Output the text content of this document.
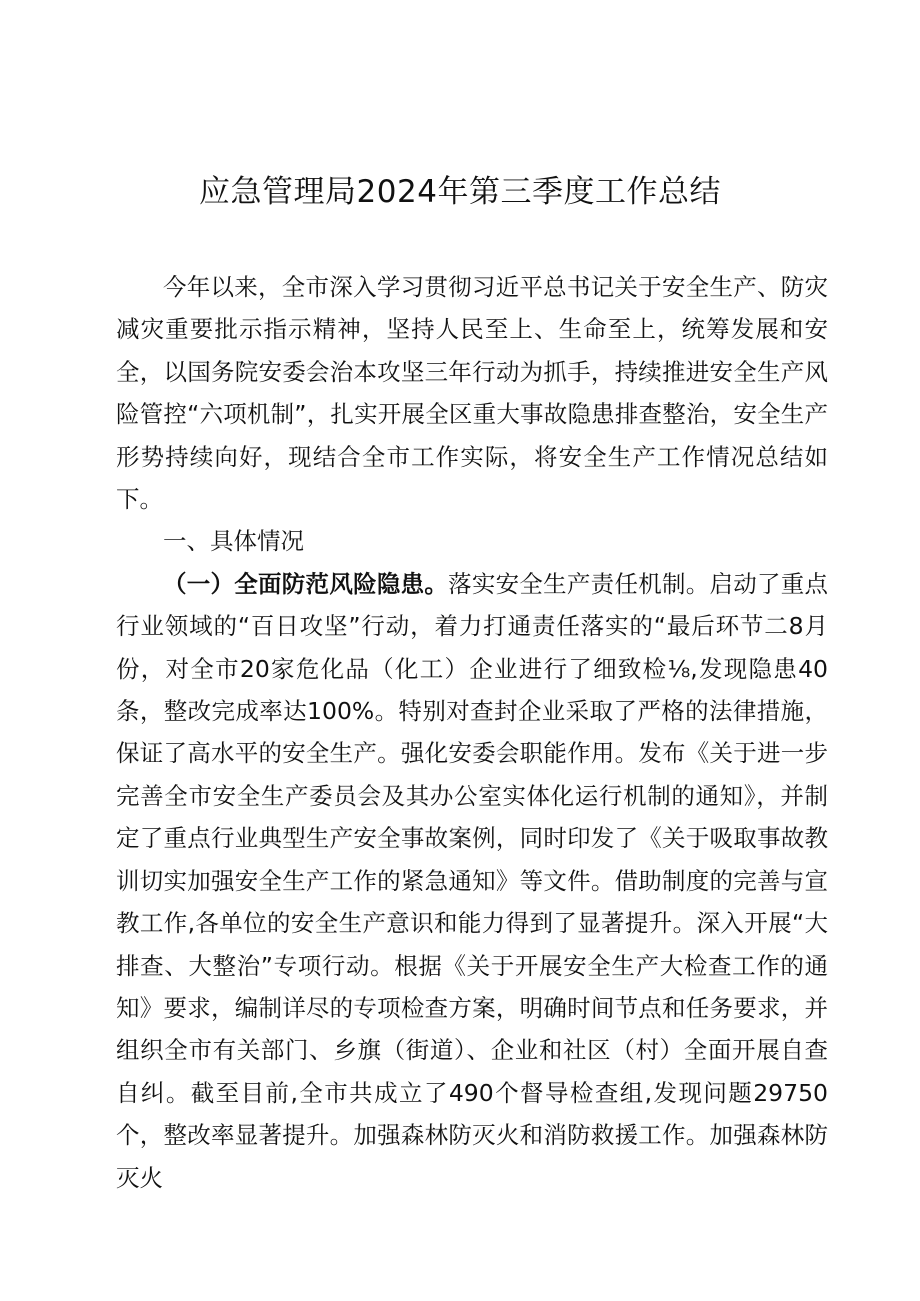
应急管理局2024年第三季度工作总结

今年以来，全市深入学习贯彻习近平总书记关于安全生产、防灾减灾重要批示指示精神，坚持人民至上、生命至上，统筹发展和安全，以国务院安委会治本攻坚三年行动为抓手，持续推进安全生产风险管控“六项机制”，扎实开展全区重大事故隐患排查整治，安全生产形势持续向好，现结合全市工作实际，将安全生产工作情况总结如下。

一、具体情况

（一）全面防范风险隐患。落实安全生产责任机制。启动了重点行业领域的“百日攻坚”行动，着力打通责任落实的“最后环节二8月份，对全市20家危化品（化工）企业进行了细致检⅛,发现隐患40条，整改完成率达100%。特别对查封企业采取了严格的法律措施，保证了高水平的安全生产。强化安委会职能作用。发布《关于进一步完善全市安全生产委员会及其办公室实体化运行机制的通知》，并制定了重点行业典型生产安全事故案例，同时印发了《关于吸取事故教训切实加强安全生产工作的紧急通知》等文件。借助制度的完善与宣教工作,各单位的安全生产意识和能力得到了显著提升。深入开展“大排查、大整治”专项行动。根据《关于开展安全生产大检查工作的通知》要求，编制详尽的专项检查方案，明确时间节点和任务要求，并组织全市有关部门、乡旗（街道）、企业和社区（村）全面开展自查自纠。截至目前,全市共成立了490个督导检查组,发现问题29750个，整改率显著提升。加强森林防灭火和消防救援工作。加强森林防灭火
